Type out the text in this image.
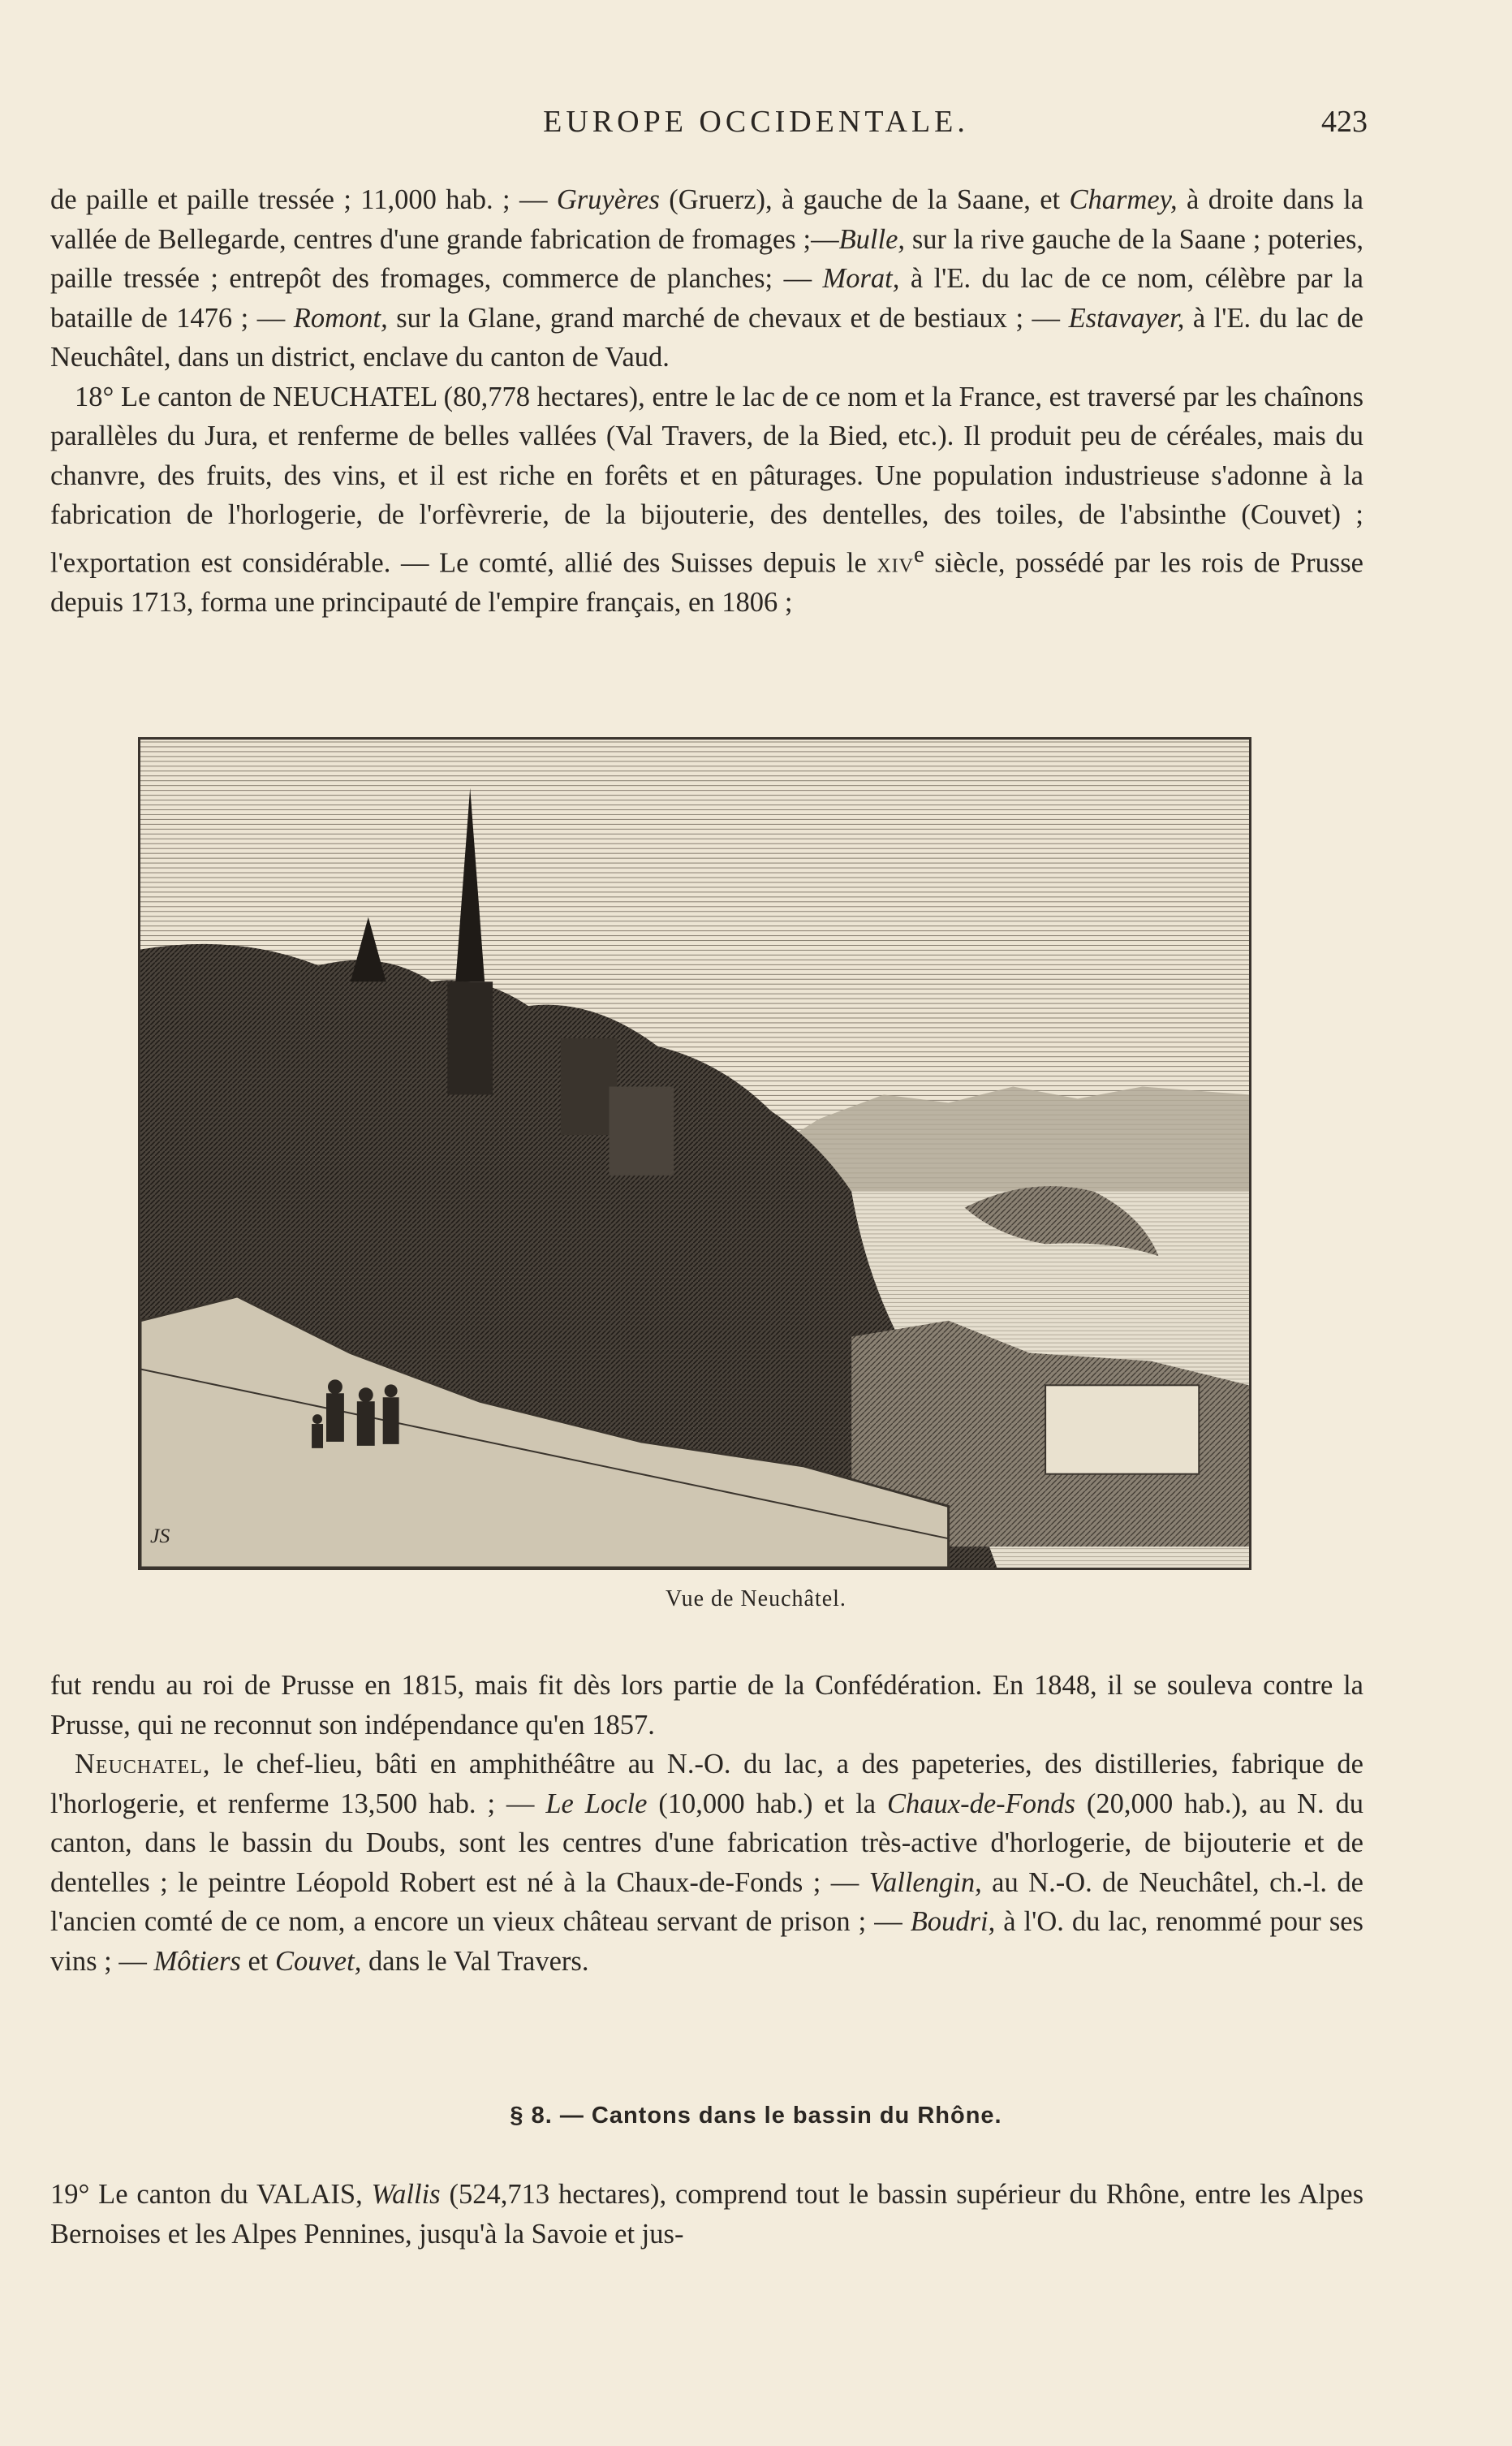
EUROPE OCCIDENTALE.	423

de paille et paille tressée ; 11,000 hab. ; — Gruyères (Gruerz), à gauche de la Saane, et Charmey, à droite dans la vallée de Bellegarde, centres d'une grande fabrication de fromages ;—Bulle, sur la rive gauche de la Saane ; poteries, paille tressée ; entrepôt des fromages, commerce de planches; — Morat, à l'E. du lac de ce nom, célèbre par la bataille de 1476 ; — Romont, sur la Glane, grand marché de chevaux et de bestiaux ; — Estavayer, à l'E. du lac de Neuchâtel, dans un district, enclave du canton de Vaud.

18° Le canton de NEUCHATEL (80,778 hectares), entre le lac de ce nom et la France, est traversé par les chaînons parallèles du Jura, et renferme de belles vallées (Val Travers, de la Bied, etc.). Il produit peu de céréales, mais du chanvre, des fruits, des vins, et il est riche en forêts et en pâturages. Une population industrieuse s'adonne à la fabrication de l'horlogerie, de l'orfèvrerie, de la bijouterie, des dentelles, des toiles, de l'absinthe (Couvet) ; l'exportation est considérable. — Le comté, allié des Suisses depuis le xiv$^e$ siècle, possédé par les rois de Prusse depuis 1713, forma une principauté de l'empire français, en 1806 ;

JS
Vue de Neuchâtel.

fut rendu au roi de Prusse en 1815, mais fit dès lors partie de la Confédération. En 1848, il se souleva contre la Prusse, qui ne reconnut son indépendance qu'en 1857.

Neuchatel, le chef-lieu, bâti en amphithéâtre au N.-O. du lac, a des papeteries, des distilleries, fabrique de l'horlogerie, et renferme 13,500 hab. ; — Le Locle (10,000 hab.) et la Chaux-de-Fonds (20,000 hab.), au N. du canton, dans le bassin du Doubs, sont les centres d'une fabrication très-active d'horlogerie, de bijouterie et de dentelles ; le peintre Léopold Robert est né à la Chaux-de-Fonds ; — Vallengin, au N.-O. de Neuchâtel, ch.-l. de l'ancien comté de ce nom, a encore un vieux château servant de prison ; — Boudri, à l'O. du lac, renommé pour ses vins ; — Môtiers et Couvet, dans le Val Travers.

§ 8. — Cantons dans le bassin du Rhône.

19° Le canton du VALAIS, Wallis (524,713 hectares), comprend tout le bassin supérieur du Rhône, entre les Alpes Bernoises et les Alpes Pennines, jusqu'à la Savoie et jus-
